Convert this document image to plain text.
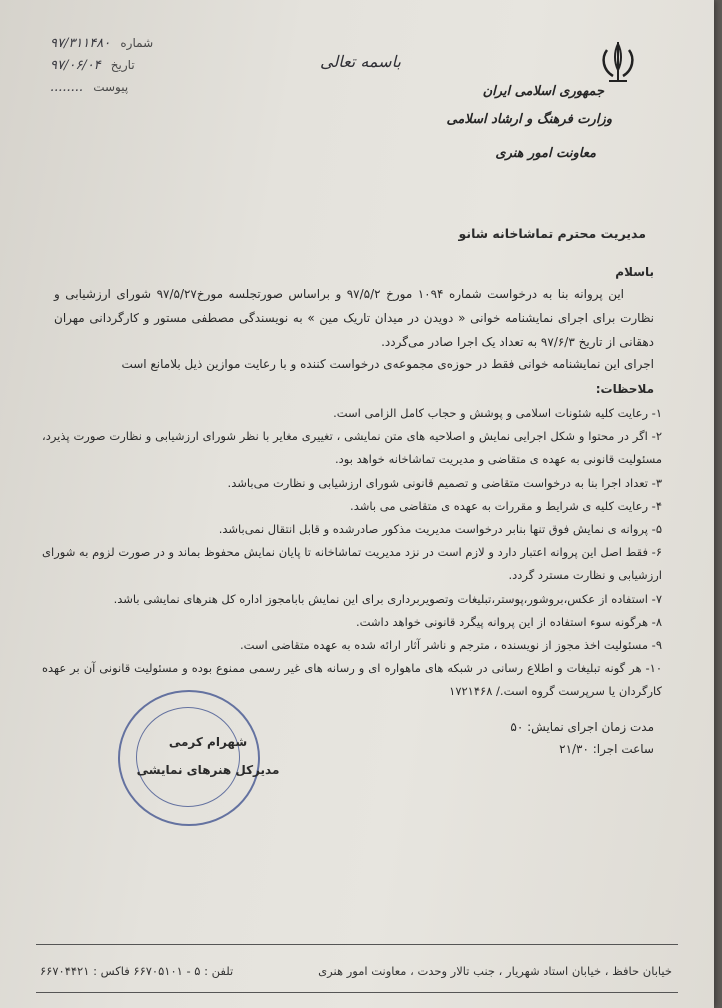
جمهوری اسلامی ایران
وزارت فرهنگ و ارشاد اسلامی
معاونت امور هنری
باسمه تعالی
شماره ۹۷/۳۱۱۴۸۰
تاریخ ۹۷/۰۶/۰۴
پیوست ........
مدیریت محترم تماشاخانه شانو
باسلام
این پروانه بنا به درخواست شماره ۱۰۹۴ مورخ ۹۷/۵/۲ و براساس صورتجلسه مورخ۹۷/۵/۲۷ شورای ارزشیابی و نظارت برای اجرای نمایشنامه خوانی « دویدن در میدان تاریک مین » به نویسندگی مصطفی مستور و کارگردانی مهران دهقانی از تاریخ ۹۷/۶/۳ به تعداد یک اجرا صادر می‌گردد.
اجرای این نمایشنامه خوانی فقط در حوزه‌ی مجموعه‌ی درخواست کننده و با رعایت موازین ذیل بلامانع است
ملاحظات:
۱- رعایت کلیه شئونات اسلامی و پوشش و حجاب کامل الزامی است.
۲- اگر در محتوا و شکل اجرایی نمایش و اصلاحیه های متن نمایشی ، تغییری مغایر با نظر شورای ارزشیابی و نظارت صورت پذیرد، مسئولیت قانونی به عهده ی متقاضی و مدیریت تماشاخانه خواهد بود.
۳- تعداد اجرا بنا به درخواست متقاضی و تصمیم قانونی شورای ارزشیابی و نظارت می‌باشد.
۴- رعایت کلیه ی شرایط و مقررات به عهده ی متقاضی می باشد.
۵- پروانه ی نمایش فوق تنها بنابر درخواست مدیریت مذکور صادرشده و قابل انتقال نمی‌باشد.
۶- فقط اصل این پروانه اعتبار دارد و لازم است در نزد مدیریت تماشاخانه تا پایان نمایش محفوظ بماند و در صورت لزوم به شورای ارزشیابی و نظارت مسترد گردد.
۷- استفاده از عکس،بروشور،پوستر،تبلیغات وتصویربرداری برای این نمایش بابامجوز اداره کل هنرهای نمایشی باشد.
۸- هرگونه سوء استفاده از این پروانه پیگرد قانونی خواهد داشت.
۹- مسئولیت اخذ مجوز از نویسنده ، مترجم و ناشر آثار ارائه شده به عهده متقاضی است.
۱۰- هر گونه تبلیغات و اطلاع رسانی در شبکه های ماهواره ای و رسانه های غیر رسمی ممنوع بوده و مسئولیت قانونی آن بر عهده کارگردان یا سرپرست گروه است./ ۱۷۲۱۴۶۸
مدت زمان اجرای نمایش: ۵۰
ساعت اجرا: ۲۱/۳۰
شهرام کرمی
مدیرکل هنرهای نمایشی
خیابان حافظ ، خیابان استاد شهریار ، جنب تالار وحدت ، معاونت امور هنری
تلفن : ۵ - ۶۶۷۰۵۱۰۱ فاکس : ۶۶۷۰۴۴۲۱
